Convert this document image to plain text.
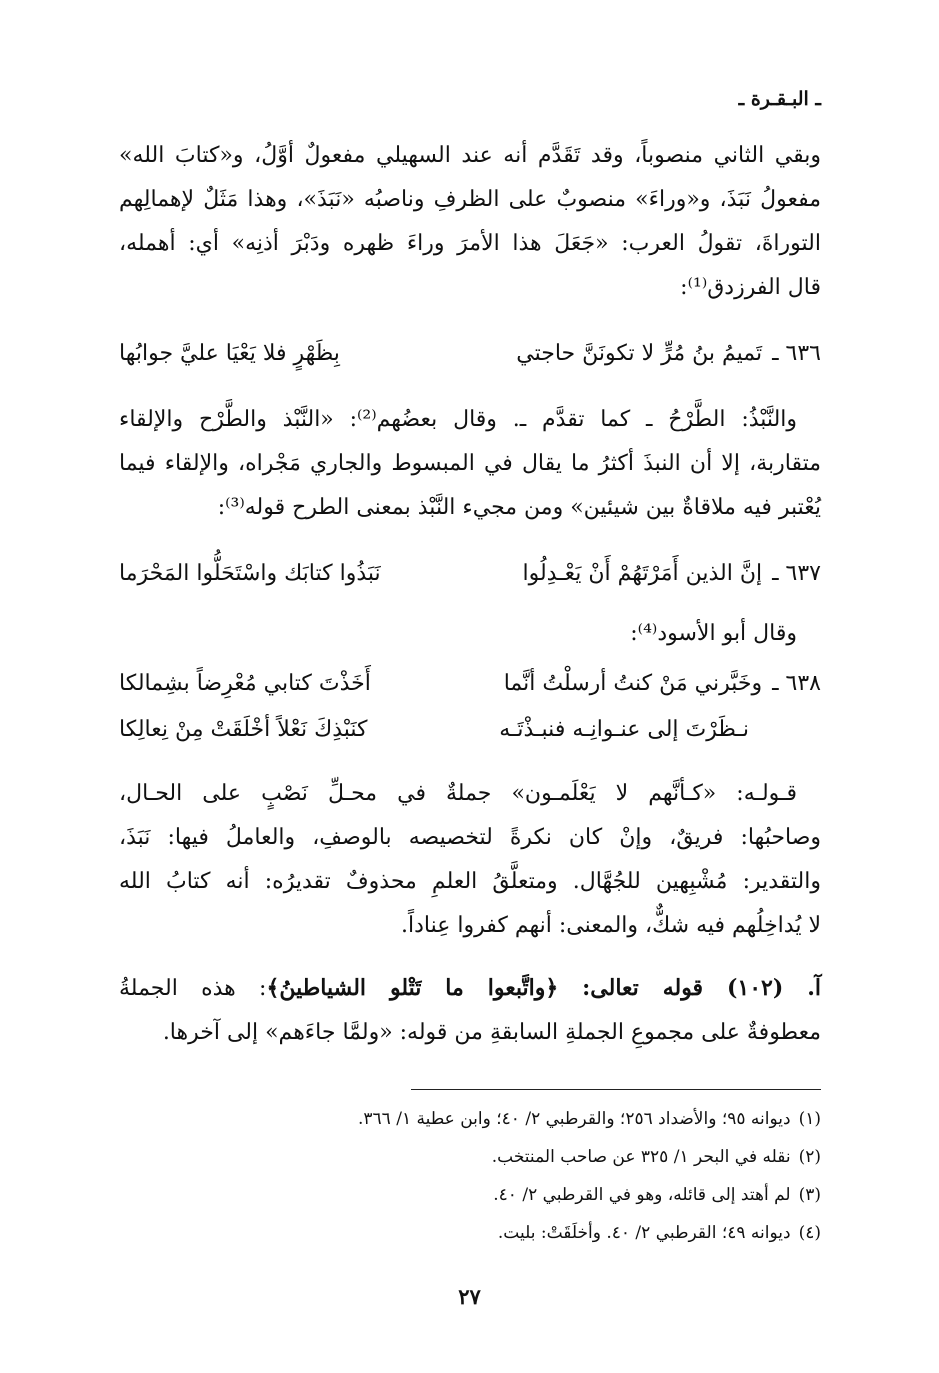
ـ البـقـرة ـ
وبقي الثاني منصوباً، وقد تَقَدَّم أنه عند السهيلي مفعولٌ أوَّلُ، و«كتابَ الله»
مفعولُ نَبَذَ، و«وراءَ» منصوبٌ على الظرفِ وناصبُه «نَبَذَ»، وهذا مَثَلٌ لإهمالِهم
التوراةَ، تقولُ العرب: «جَعَلَ هذا الأمرَ وراءَ ظهره ودَبْرَ أذنِه» أي: أهمله،
قال الفرزدق⁽¹⁾:
٦٣٦ ـتَميمُ بنُ مُرٍّ لا تكونَنَّ حاجتي
بِظَهْرٍ فلا يَعْيَا عليَّ جوابُها
والنَّبْذُ: الطَّرْحُ ـ كما تقدَّم ـ. وقال بعضُهم⁽²⁾: «النَّبْذ والطَّرْح والإلقاء
متقاربة، إلا أن النبذَ أكثرُ ما يقال في المبسوط والجاري مَجْراه، والإلقاء فيما
يُعْتبر فيه ملاقاةٌ بين شيئين» ومن مجيء النَّبْذ بمعنى الطرح قوله⁽³⁾:
٦٣٧ ـإنَّ الذين أَمَرْتَهُمْ أَنْ يَعْـدِلُوا
نَبَذُوا كتابَك واسْتَحَلُّوا المَحْرَما
وقال أبو الأسود⁽⁴⁾:
٦٣٨ ـوخَبَّرني مَنْ كنتُ أرسلْتُ أنَّما
أَخَذْتَ كتابي مُعْرِضاً بشِمالكا
نـظَرْتَ إلى عنـوانِـه فنبـذْتَـه
كنَبْذِكَ نَعْلاً أخْلَقَتْ مِنْ نِعالِكا
قـولـه: «كـأنَّهم لا يَعْلَمـون» جملةٌ في محـلِّ نَصْبٍ على الحـال،
وصاحبُها: فريقٌ، وإنْ كان نكرةً لتخصيصه بالوصفِ، والعاملُ فيها: نَبَذَ،
والتقدير: مُشْبِهين للجُهَّال. ومتعلَّقُ العلمِ محذوفٌ تقديرُه: أنه كتابُ الله
لا يُداخِلُهم فيه شكٌّ، والمعنى: أنهم كفروا عِناداً.
آ. (١٠٢) قوله تعالى: ﴿واتَّبعوا ما تَتْلو الشياطينُ﴾: هذه الجملةُ
معطوفةٌ على مجموعِ الجملةِ السابقةِ من قوله: «ولمَّا جاءَهم» إلى آخرها.
(١)ديوانه ٩٥؛ والأضداد ٢٥٦؛ والقرطبي ٢/ ٤٠؛ وابن عطية ١/ ٣٦٦.
(٢)نقله في البحر ١/ ٣٢٥ عن صاحب المنتخب.
(٣)لم أهتد إلى قائله، وهو في القرطبي ٢/ ٤٠.
(٤)ديوانه ٤٩؛ القرطبي ٢/ ٤٠. وأخلَقَتْ: بليت.
٢٧
